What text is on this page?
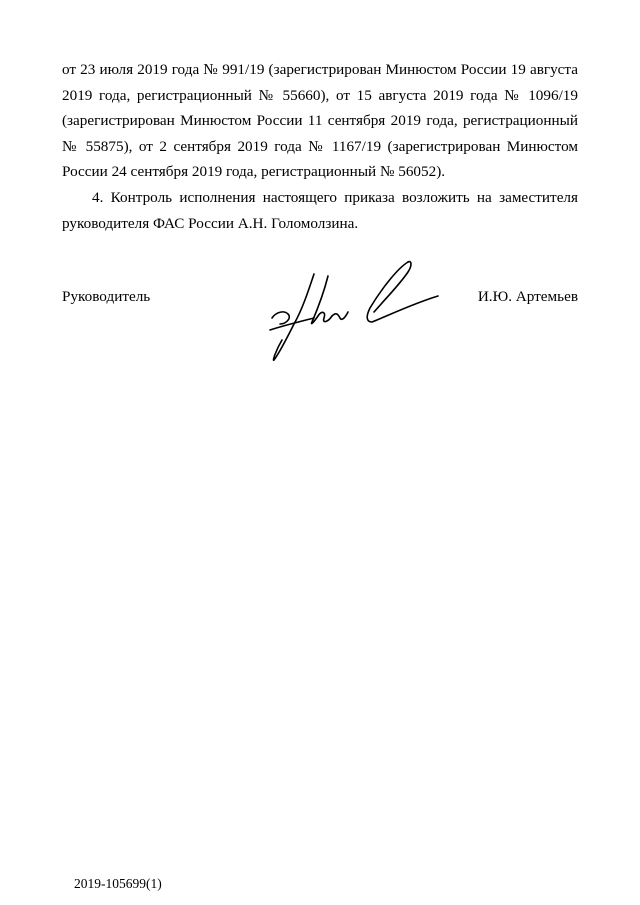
от 23 июля 2019 года № 991/19 (зарегистрирован Минюстом России 19 августа 2019 года, регистрационный № 55660), от 15 августа 2019 года № 1096/19 (зарегистрирован Минюстом России 11 сентября 2019 года, регистрационный № 55875), от 2 сентября 2019 года № 1167/19 (зарегистрирован Минюстом России 24 сентября 2019 года, регистрационный № 56052).

4. Контроль исполнения настоящего приказа возложить на заместителя руководителя ФАС России А.Н. Голомолзина.

Руководитель	И.Ю. Артемьев
2019-105699(1)
